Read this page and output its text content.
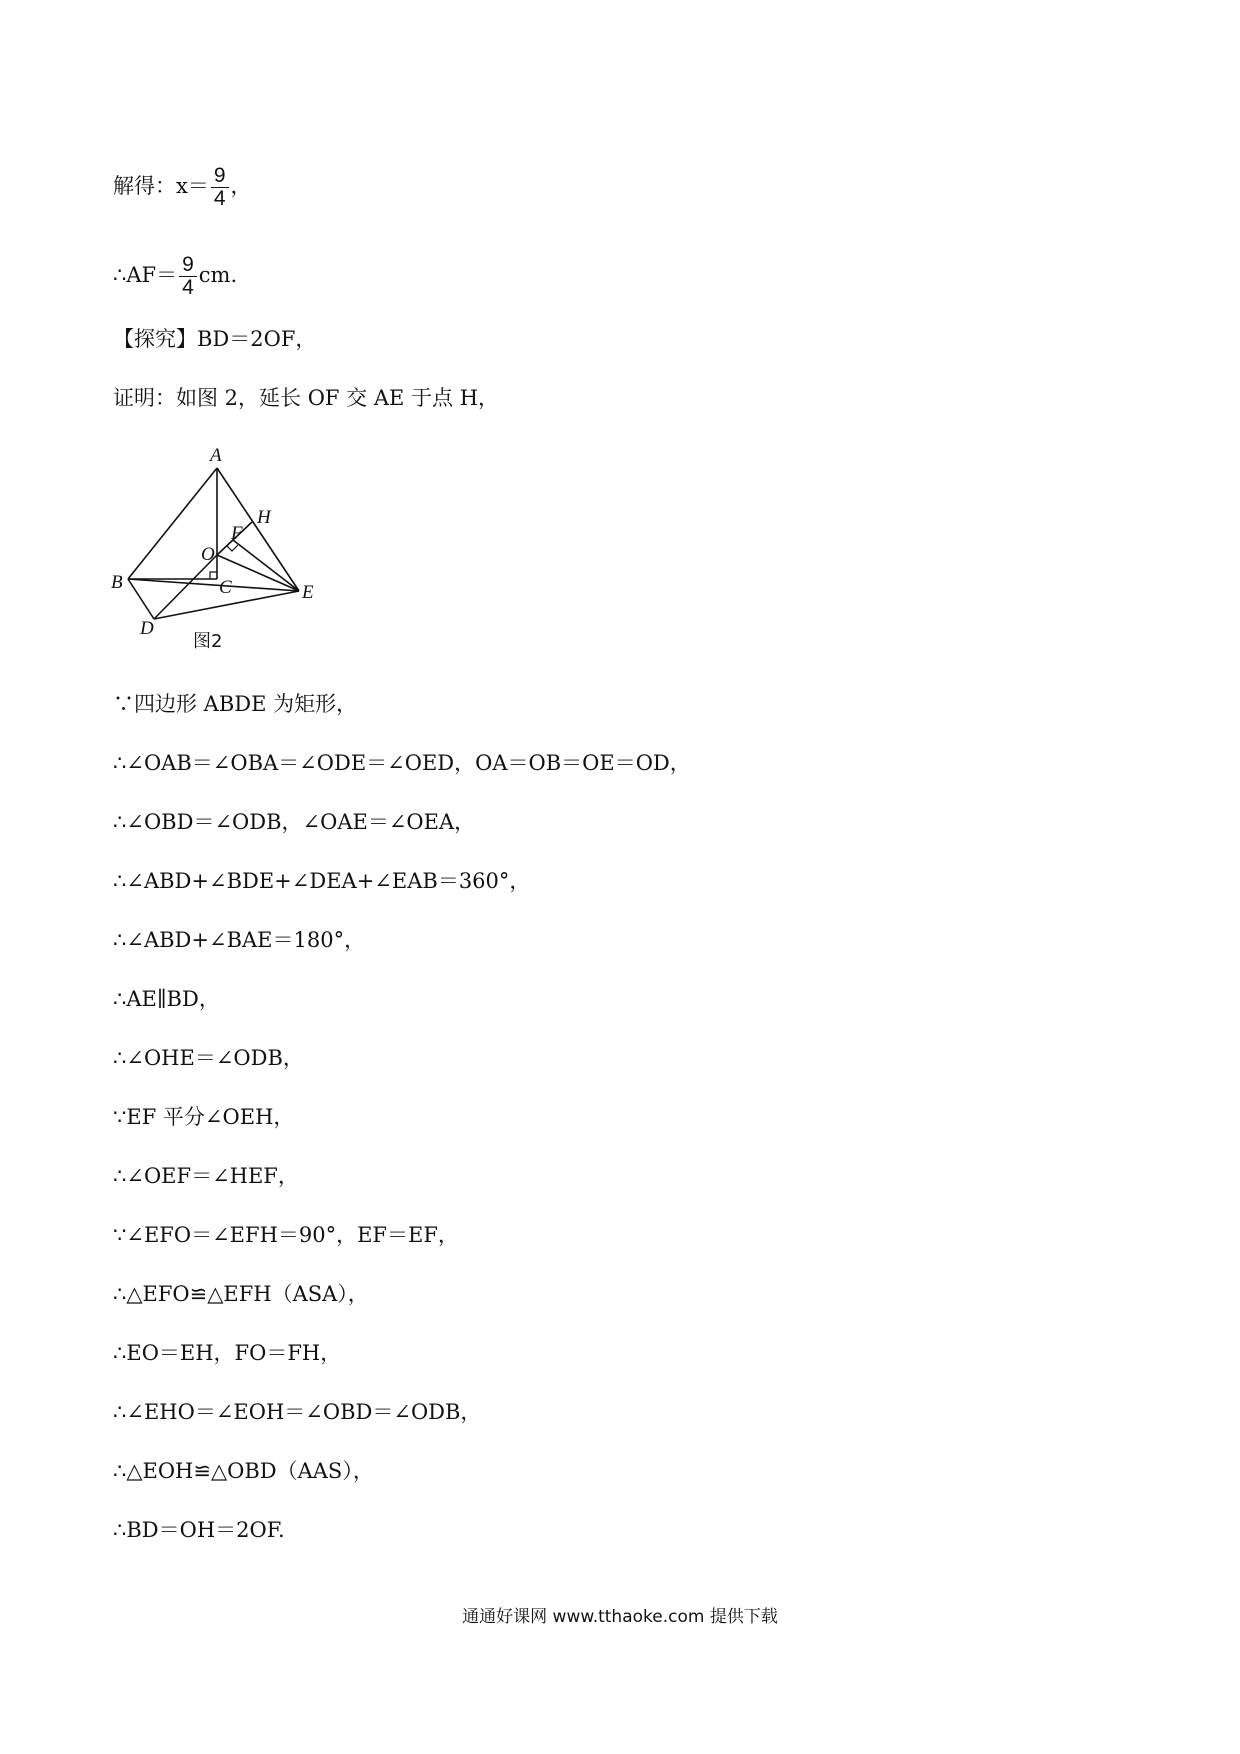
解得：$x= \frac{9}{4}$ ，
∴AF＝ $\frac{9}{4}$ cm.
【探究】BD＝2OF，
证明：如图 2，延长 OF 交 AE 于点 H，
A
H
F
O
B	C	E
D
图2
∵四边形 ABDE 为矩形，
∴∠OAB＝∠OBA＝∠ODE＝∠OED，OA＝OB＝OE＝OD，
∴∠OBD＝∠ODB，∠OAE＝∠OEA，
∴∠ABD+∠BDE+∠DEA+∠EAB＝360°，
∴∠ABD+∠BAE＝180°，
∴AE∥BD，
∴∠OHE＝∠ODB，
∵EF 平分∠OEH，
∴∠OEF＝∠HEF，
∵∠EFO＝∠EFH＝90°，EF＝EF，
∴△EFO≌△EFH（ASA），
∴EO＝EH，FO＝FH，
∴∠EHO＝∠EOH＝∠OBD＝∠ODB，
∴△EOH≌△OBD（AAS），
∴BD＝OH＝2OF.
通通好课网 www.tthaoke.com 提供下载
